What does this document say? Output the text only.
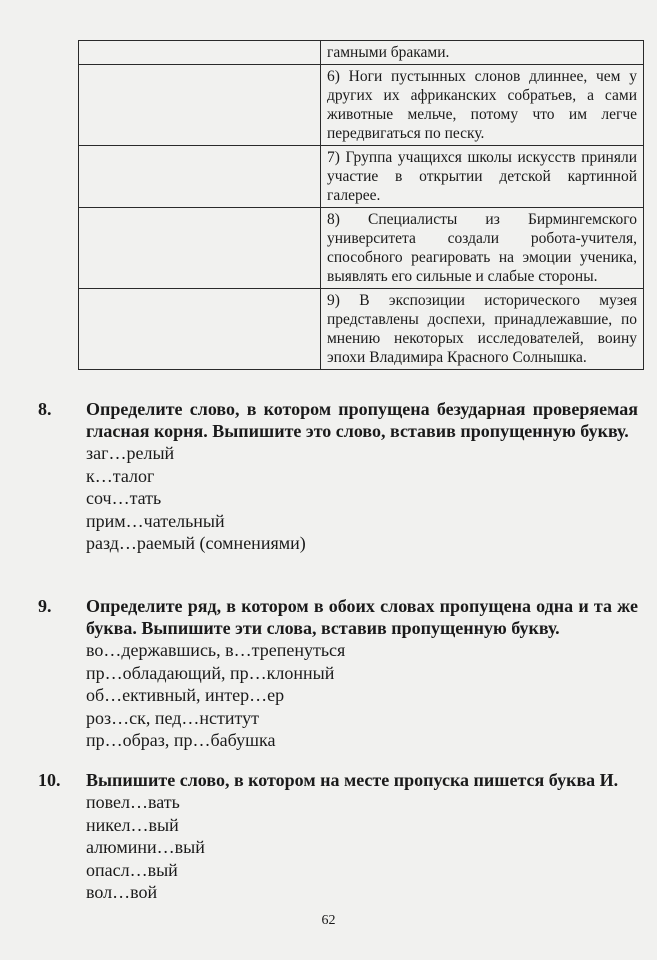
	гамными браками.
	6) Ноги пустынных слонов длиннее, чем у других их африканских собратьев, а сами животные мельче, потому что им легче передвигаться по песку.
	7) Группа учащихся школы искусств приняли участие в открытии детской картинной галерее.
	8) Специалисты из Бирмингемского университета создали робота-учителя, способного реагировать на эмоции ученика, выявлять его сильные и слабые стороны.
	9) В экспозиции исторического музея представлены доспехи, принадлежавшие, по мнению некоторых исследователей, воину эпохи Владимира Красного Солнышка.
8. Определите слово, в котором пропущена безударная проверяемая гласная корня. Выпишите это слово, вставив пропущенную букву.
заг…релый
к…талог
соч…тать
прим…чательный
разд…раемый (сомнениями)
9. Определите ряд, в котором в обоих словах пропущена одна и та же буква. Выпишите эти слова, вставив пропущенную букву.
во…державшись, в…трепенуться
пр…обладающий, пр…клонный
об…ективный, интер…ер
роз…ск, пед…нститут
пр…образ, пр…бабушка
10. Выпишите слово, в котором на месте пропуска пишется буква И.
повел…вать
никел…вый
алюмини…вый
опасл…вый
вол…вой
62
